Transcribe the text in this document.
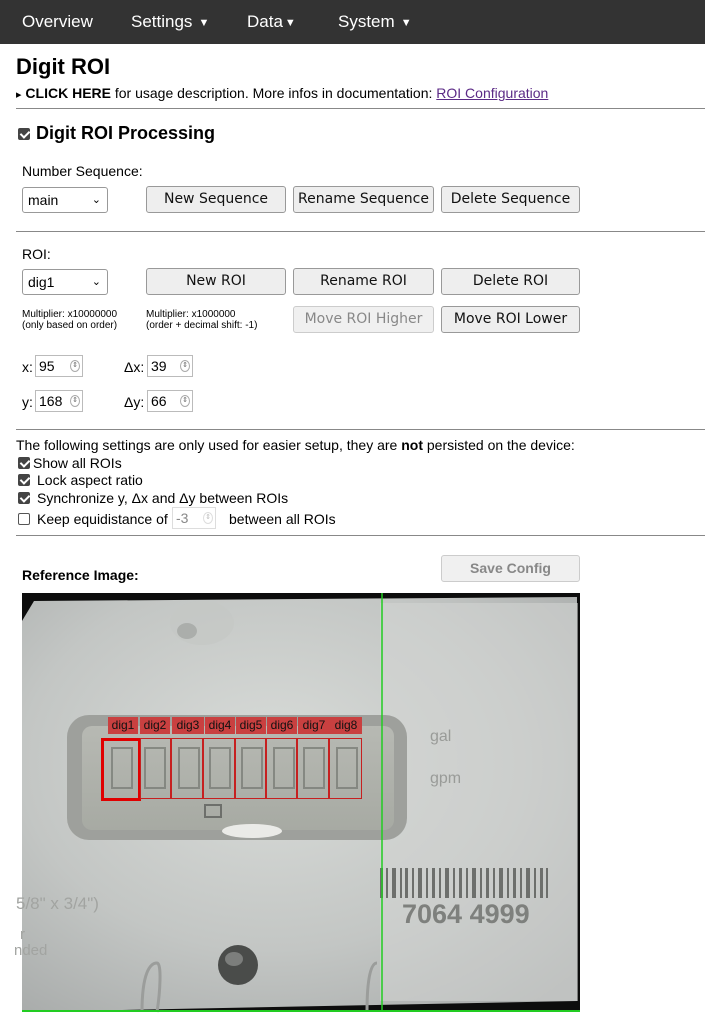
Overview Settings ▼ Data ▼ System ▼
Digit ROI
▸ CLICK HERE for usage description. More infos in documentation: ROI Configuration
Digit ROI Processing
Number Sequence:
main	⌄	New Sequence	Rename Sequence	Delete Sequence
ROI:
dig1	⌄	New ROI	Rename ROI	Delete ROI
Multiplier: x10000000
(only based on order)
Multiplier: x1000000
(order + decimal shift: -1)	Move ROI Higher	Move ROI Lower
x: 95 ⇕	Δx: 39 ⇕
y: 168 ⇕	Δy: 66 ⇕
The following settings are only used for easier setup, they are not persisted on the device:
Show all ROIs
Lock aspect ratio
Synchronize y, Δx and Δy between ROIs
Keep equidistance of -3 ⇕ between all ROIs
Reference Image:	Save Config
gal
gpm
7064 4999
5/8" x 3/4")
r
nded
dig1 dig2 dig3 dig4 dig5 dig6 dig7 dig8
